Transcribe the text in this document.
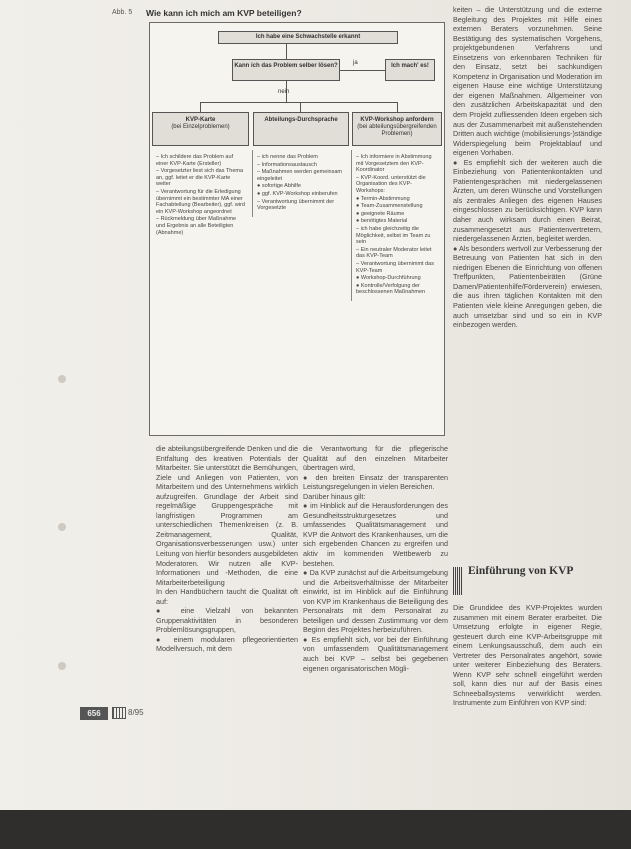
Abb. 5 Wie kann ich mich am KVP beteiligen?
Ich habe eine Schwachstelle erkannt
Kann ich das Problem selber lösen?	ja	Ich mach' es!
nein
KVP-Karte
(bei Einzelproblemen)
Abteilungs-Durchsprache	KVP-Workshop anfordern
(bei abteilungsübergreifenden Problemen)

– Ich schildere das Problem auf einer KVP-Karte (Ersteller)

– Vorgesetzter liest sich das Thema an, ggf. leitet er die KVP-Karte weiter

– Verantwortung für die Erledigung übernimmt ein bestimmter MA einer Fachabteilung (Bearbeiter), ggf. wird ein KVP-Workshop angeordnet

– Rückmeldung über Maßnahme und Ergebnis an alle Beteiligten (Abnahme)

– ich nenne das Problem

– Informationsaustausch

– Maßnahmen werden gemeinsam eingeleitet

● sofortige Abhilfe

● ggf. KVP-Workshop einberufen

– Verantwortung übernimmt der Vorgesetzte

– Ich informiere in Abstimmung mit Vorgesetztem den KVP-Koordinator

– KVP-Koord. unterstützt die Organisation des KVP-Workshops:

● Termin-Abstimmung

● Team-Zusammenstellung

● geeignete Räume

● benötigtes Material

– ich habe gleichzeitig die Möglichkeit, selbst im Team zu sein

– Ein neutraler Moderator leitet das KVP-Team

– Verantwortung übernimmt das KVP-Team

● Workshop-Durchführung

● Kontrolle/Verfolgung der beschlossenen Maßnahmen

die abteilungsübergreifende Denken und die Entfaltung des kreativen Potentials der Mitarbeiter. Sie unterstützt die Bemühungen, Ziele und Anliegen von Patienten, von Mitarbeitern und des Unternehmens wirklich aufzugreifen. Grundlage der Arbeit sind regelmäßige Gruppengespräche mit langfristigen Programmen am unterschiedlichen Themenkreisen (z. B. Zeitmanagement, Qualität, Organisationsverbesserungen usw.) unter Leitung von hierfür besonders ausgebildeten Moderatoren. Wir nutzen alle KVP-Informationen und -Methoden, die eine Mitarbeiterbeteiligung

In den Handbüchern taucht die Qualität oft auf:

● eine Vielzahl von bekannten Gruppenaktivitäten in besonderen Problemlösungsgruppen,

● einem modularen pflegeorientierten Modellversuch, mit dem

die Verantwortung für die pflegerische Qualität auf den einzelnen Mitarbeiter übertragen wird,

● den breiten Einsatz der transparenten Leistungsregelungen in vielen Bereichen.

Darüber hinaus gilt:

● im Hinblick auf die Herausforderungen des Gesundheitsstrukturgesetzes und umfassendes Qualitätsmanagement und KVP die Antwort des Krankenhauses, um die sich ergebenden Chancen zu ergreifen und aktiv im kommenden Wettbewerb zu bestehen.

● Da KVP zunächst auf die Arbeitsumgebung und die Arbeitsverhältnisse der Mitarbeiter einwirkt, ist im Hinblick auf die Einführung von KVP im Krankenhaus die Beteiligung des Personalrats mit dem Personalrat zu beteiligen und dessen Zustimmung vor dem Beginn des Projektes herbeizuführen.

● Es empfiehlt sich, vor bei der Einführung von umfassendem Qualitätsmanagement auch bei KVP – selbst bei gegebenen eigenen organisatorischen Mögli-

keiten – die Unterstützung und die externe Begleitung des Projektes mit Hilfe eines externen Beraters vorzunehmen. Seine Bestätigung des systematischen Vorgehens, projektgebundenen Verfahrens und Einsetzens von erkennbaren Techniken für den Einsatz, setzt bei sachkundigen Kompetenz in Organisation und Moderation im eigenen Hause eine wichtige Unterstützung der eigenen Maßnahmen. Allgemeiner von den zusätzlichen Arbeitskapazität und den dem Projekt zufliessenden Ideen ergeben sich aus der Zusammenarbeit mit außenstehenden Dritten auch wichtige (mobilisierungs-)ständige Widerspiegelung beim Projektablauf und eigenen Vorhaben.

● Es empfiehlt sich der weiteren auch die Einbeziehung von Patientenkontakten und Patientengesprächen mit niedergelassenen Ärzten, um deren Wünsche und Vorstellungen als zentrales Anliegen des eigenen Hauses eingeschlossen zu berücksichtigen. KVP kann daher auch wirksam durch einen Beirat, zusammengesetzt aus Patientenvertretern, niedergelassenen Ärzten, begleitet werden.

● Als besonders wertvoll zur Verbesserung der Betreuung von Patienten hat sich in den niedrigen Ebenen die Einrichtung von offenen Treffpunkten, Patientenbeiräten (Grüne Damen/Patientenhilfe/Förderverein) erwiesen, die aus ihren täglichen Kontakten mit den Patienten viele kleine Anregungen geben, die auch umsetzbar sind und so ein in KVP einbezogen werden.

Einführung von KVP

Die Grundidee des KVP-Projektes wurden zusammen mit einem Berater erarbeitet. Die Umsetzung erfolgte in eigener Regie, gesteuert durch eine KVP-Arbeitsgruppe mit einem Lenkungsausschuß, dem auch ein Vertreter des Personalrates angehört, sowie unter weiterer Einbeziehung des Beraters. Wenn KVP sehr schnell eingeführt werden soll, kann dies nur auf der Basis eines Schneeballsystems verwirklicht werden. Instrumente zum Einführen von KVP sind:

656	8/95
